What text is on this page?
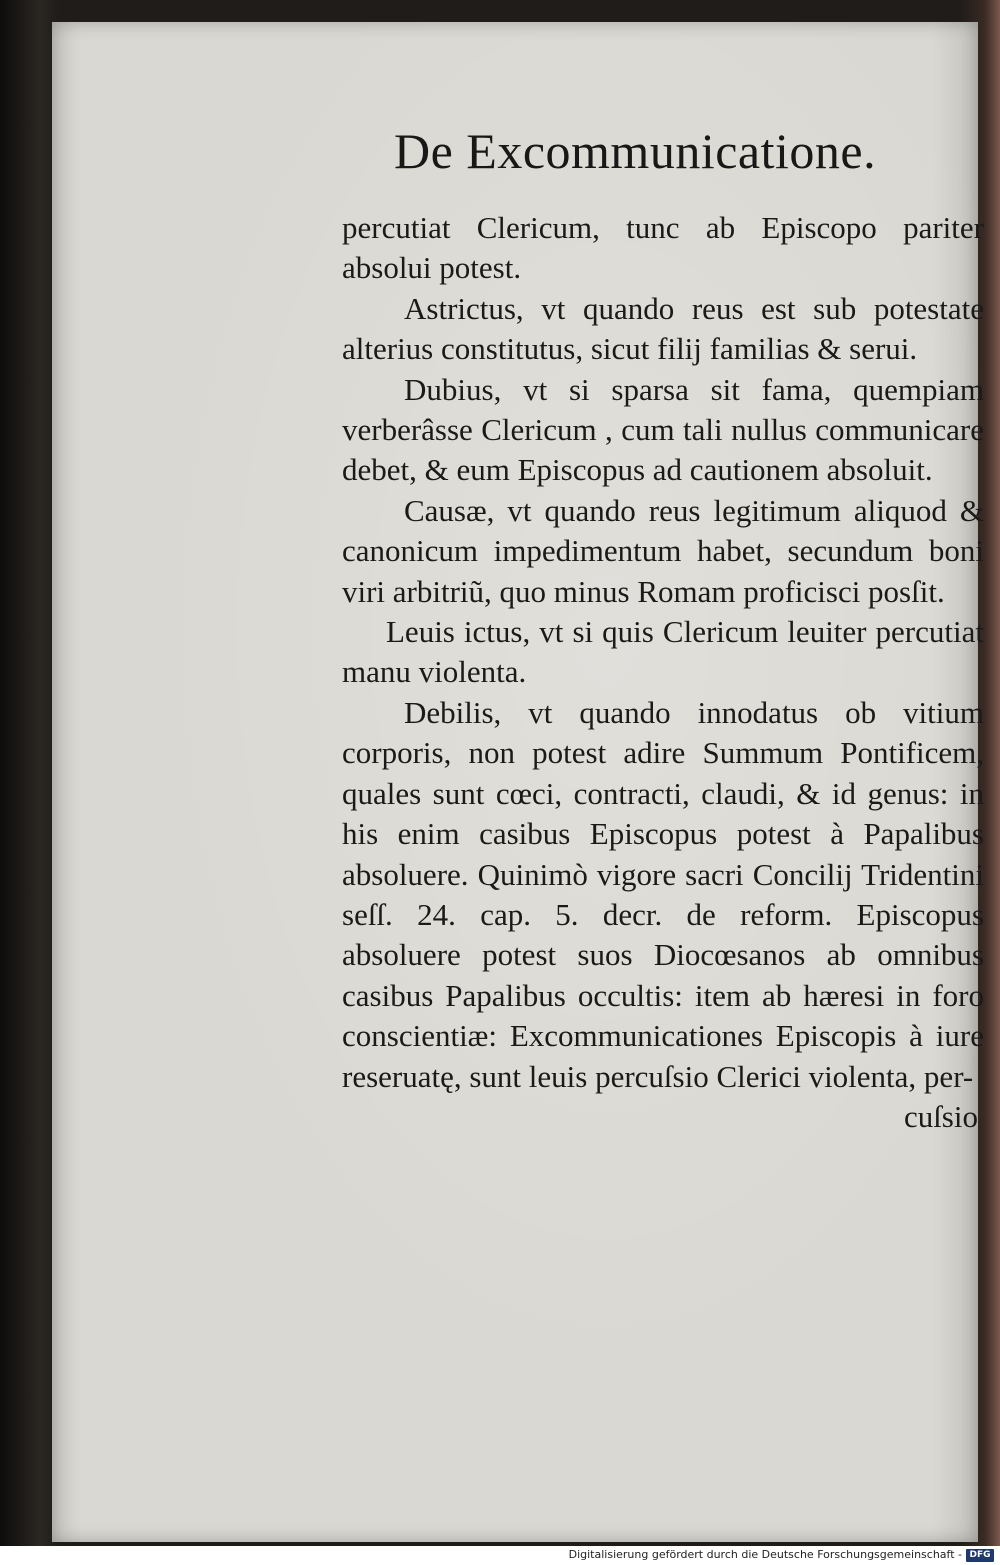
De Excommunicatione.

percutiat Clericum, tunc ab Episcopo pariter absolui potest.

Astrictus, vt quando reus est sub potestate alterius constitutus, sicut filij familias & serui.

Dubius, vt si sparsa sit fama, quempiam verberâsse Clericum , cum tali nullus communicare debet, & eum Episcopus ad cautionem absoluit.

Causæ, vt quando reus legitimum aliquod & canonicum impedimentum habet, secundum boni viri arbitriũ, quo minus Romam proficisci posſit.

Leuis ictus, vt si quis Clericum leuiter percutiat manu violenta.

Debilis, vt quando innodatus ob vitium corporis, non potest adire Summum Pontificem, quales sunt cœci, contracti, claudi, & id genus: in his enim casibus Episcopus potest à Papalibus absoluere. Quinimò vigore sacri Concilij Tridentini seſſ. 24. cap. 5. decr. de reform. Episcopus absoluere potest suos Diocœsanos ab omnibus casibus Papalibus occultis: item ab hæresi in foro conscientiæ: Excommunicationes Episcopis à iure reseruatę, sunt leuis percuſsio Clerici violenta, per-

cuſsio
Digitalisierung gefördert durch die Deutsche Forschungsgemeinschaft - DFG
